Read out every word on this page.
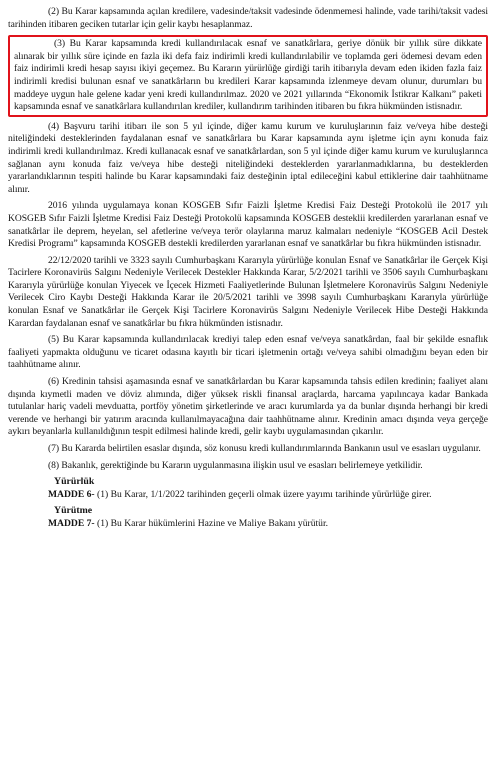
(2) Bu Karar kapsamında açılan kredilere, vadesinde/taksit vadesinde ödenmemesi halinde, vade tarihi/taksit vadesi tarihinden itibaren geciken tutarlar için gelir kaybı hesaplanmaz.

(3) Bu Karar kapsamında kredi kullandırılacak esnaf ve sanatkârlara, geriye dönük bir yıllık süre dikkate alınarak bir yıllık süre içinde en fazla iki defa faiz indirimli kredi kullandırılabilir ve toplamda geri ödemesi devam eden faiz indirimli kredi hesap sayısı ikiyi geçemez. Bu Kararın yürürlüğe girdiği tarih itibarıyla devam eden ikiden fazla faiz indirimli kredisi bulunan esnaf ve sanatkârların bu kredileri Karar kapsamında izlenmeye devam olunur, durumları bu maddeye uygun hale gelene kadar yeni kredi kullandırılmaz. 2020 ve 2021 yıllarında “Ekonomik İstikrar Kalkanı” paketi kapsamında esnaf ve sanatkârlara kullandırılan krediler, kullandırım tarihinden itibaren bu fıkra hükmünden istisnadır.

(4) Başvuru tarihi itibarı ile son 5 yıl içinde, diğer kamu kurum ve kuruluşlarının faiz ve/veya hibe desteği niteliğindeki desteklerinden faydalanan esnaf ve sanatkârlara bu Karar kapsamında aynı işletme için aynı konuda faiz indirimli kredi kullandırılmaz. Kredi kullanacak esnaf ve sanatkârlardan, son 5 yıl içinde diğer kamu kurum ve kuruluşlarınca sağlanan aynı konuda faiz ve/veya hibe desteği niteliğindeki desteklerden yararlanmadıklarına, bu desteklerden yararlandıklarının tespiti halinde bu Karar kapsamındaki faiz desteğinin iptal edileceğini kabul ettiklerine dair taahhütname alınır.

2016 yılında uygulamaya konan KOSGEB Sıfır Faizli İşletme Kredisi Faiz Desteği Protokolü ile 2017 yılı KOSGEB Sıfır Faizli İşletme Kredisi Faiz Desteği Protokolü kapsamında KOSGEB desteklii kredilerden yararlanan esnaf ve sanatkârlar ile deprem, heyelan, sel afetlerine ve/veya terör olaylarına maruz kalmaları nedeniyle “KOSGEB Acil Destek Kredisi Programı” kapsamında KOSGEB destekli kredilerden yararlanan esnaf ve sanatkârlar bu fıkra hükmünden istisnadır.

22/12/2020 tarihli ve 3323 sayılı Cumhurbaşkanı Kararıyla yürürlüğe konulan Esnaf ve Sanatkârlar ile Gerçek Kişi Tacirlere Koronavirüs Salgını Nedeniyle Verilecek Destekler Hakkında Karar, 5/2/2021 tarihli ve 3506 sayılı Cumhurbaşkanı Kararıyla yürürlüğe konulan Yiyecek ve İçecek Hizmeti Faaliyetlerinde Bulunan İşletmelere Koronavirüs Salgını Nedeniyle Verilecek Ciro Kaybı Desteği Hakkında Karar ile 20/5/2021 tarihli ve 3998 sayılı Cumhurbaşkanı Kararıyla yürürlüğe konulan Esnaf ve Sanatkârlar ile Gerçek Kişi Tacirlere Koronavirüs Salgını Nedeniyle Verilecek Hibe Desteği Hakkında Karardan faydalanan esnaf ve sanatkârlar bu fıkra hükmünden istisnadır.

(5) Bu Karar kapsamında kullandırılacak krediyi talep eden esnaf ve/veya sanatkârdan, faal bir şekilde esnaflık faaliyeti yapmakta olduğunu ve ticaret odasına kayıtlı bir ticari işletmenin ortağı ve/veya sahibi olmadığını beyan eden bir taahhütname alınır.

(6) Kredinin tahsisi aşamasında esnaf ve sanatkârlardan bu Karar kapsamında tahsis edilen kredinin; faaliyet alanı dışında kıymetli maden ve döviz alımında, diğer yüksek riskli finansal araçlarda, harcama yapılıncaya kadar Bankada tutulanlar hariç vadeli mevduatta, portföy yönetim şirketlerinde ve aracı kurumlarda ya da bunlar dışında herhangi bir kredi verende ve herhangi bir yatırım aracında kullanılmayacağına dair taahhütname alınır. Kredinin amacı dışında veya gerçeğe aykırı beyanlarla kullanıldığının tespit edilmesi halinde kredi, gelir kaybı uygulamasından çıkarılır.

(7) Bu Kararda belirtilen esaslar dışında, söz konusu kredi kullandırımlarında Bankanın usul ve esasları uygulanır.

(8) Bakanlık, gerektiğinde bu Kararın uygulanmasına ilişkin usul ve esasları belirlemeye yetkilidir.

Yürürlük

MADDE 6- (1) Bu Karar, 1/1/2022 tarihinden geçerli olmak üzere yayımı tarihinde yürürlüğe girer.

Yürütme

MADDE 7- (1) Bu Karar hükümlerini Hazine ve Maliye Bakanı yürütür.
